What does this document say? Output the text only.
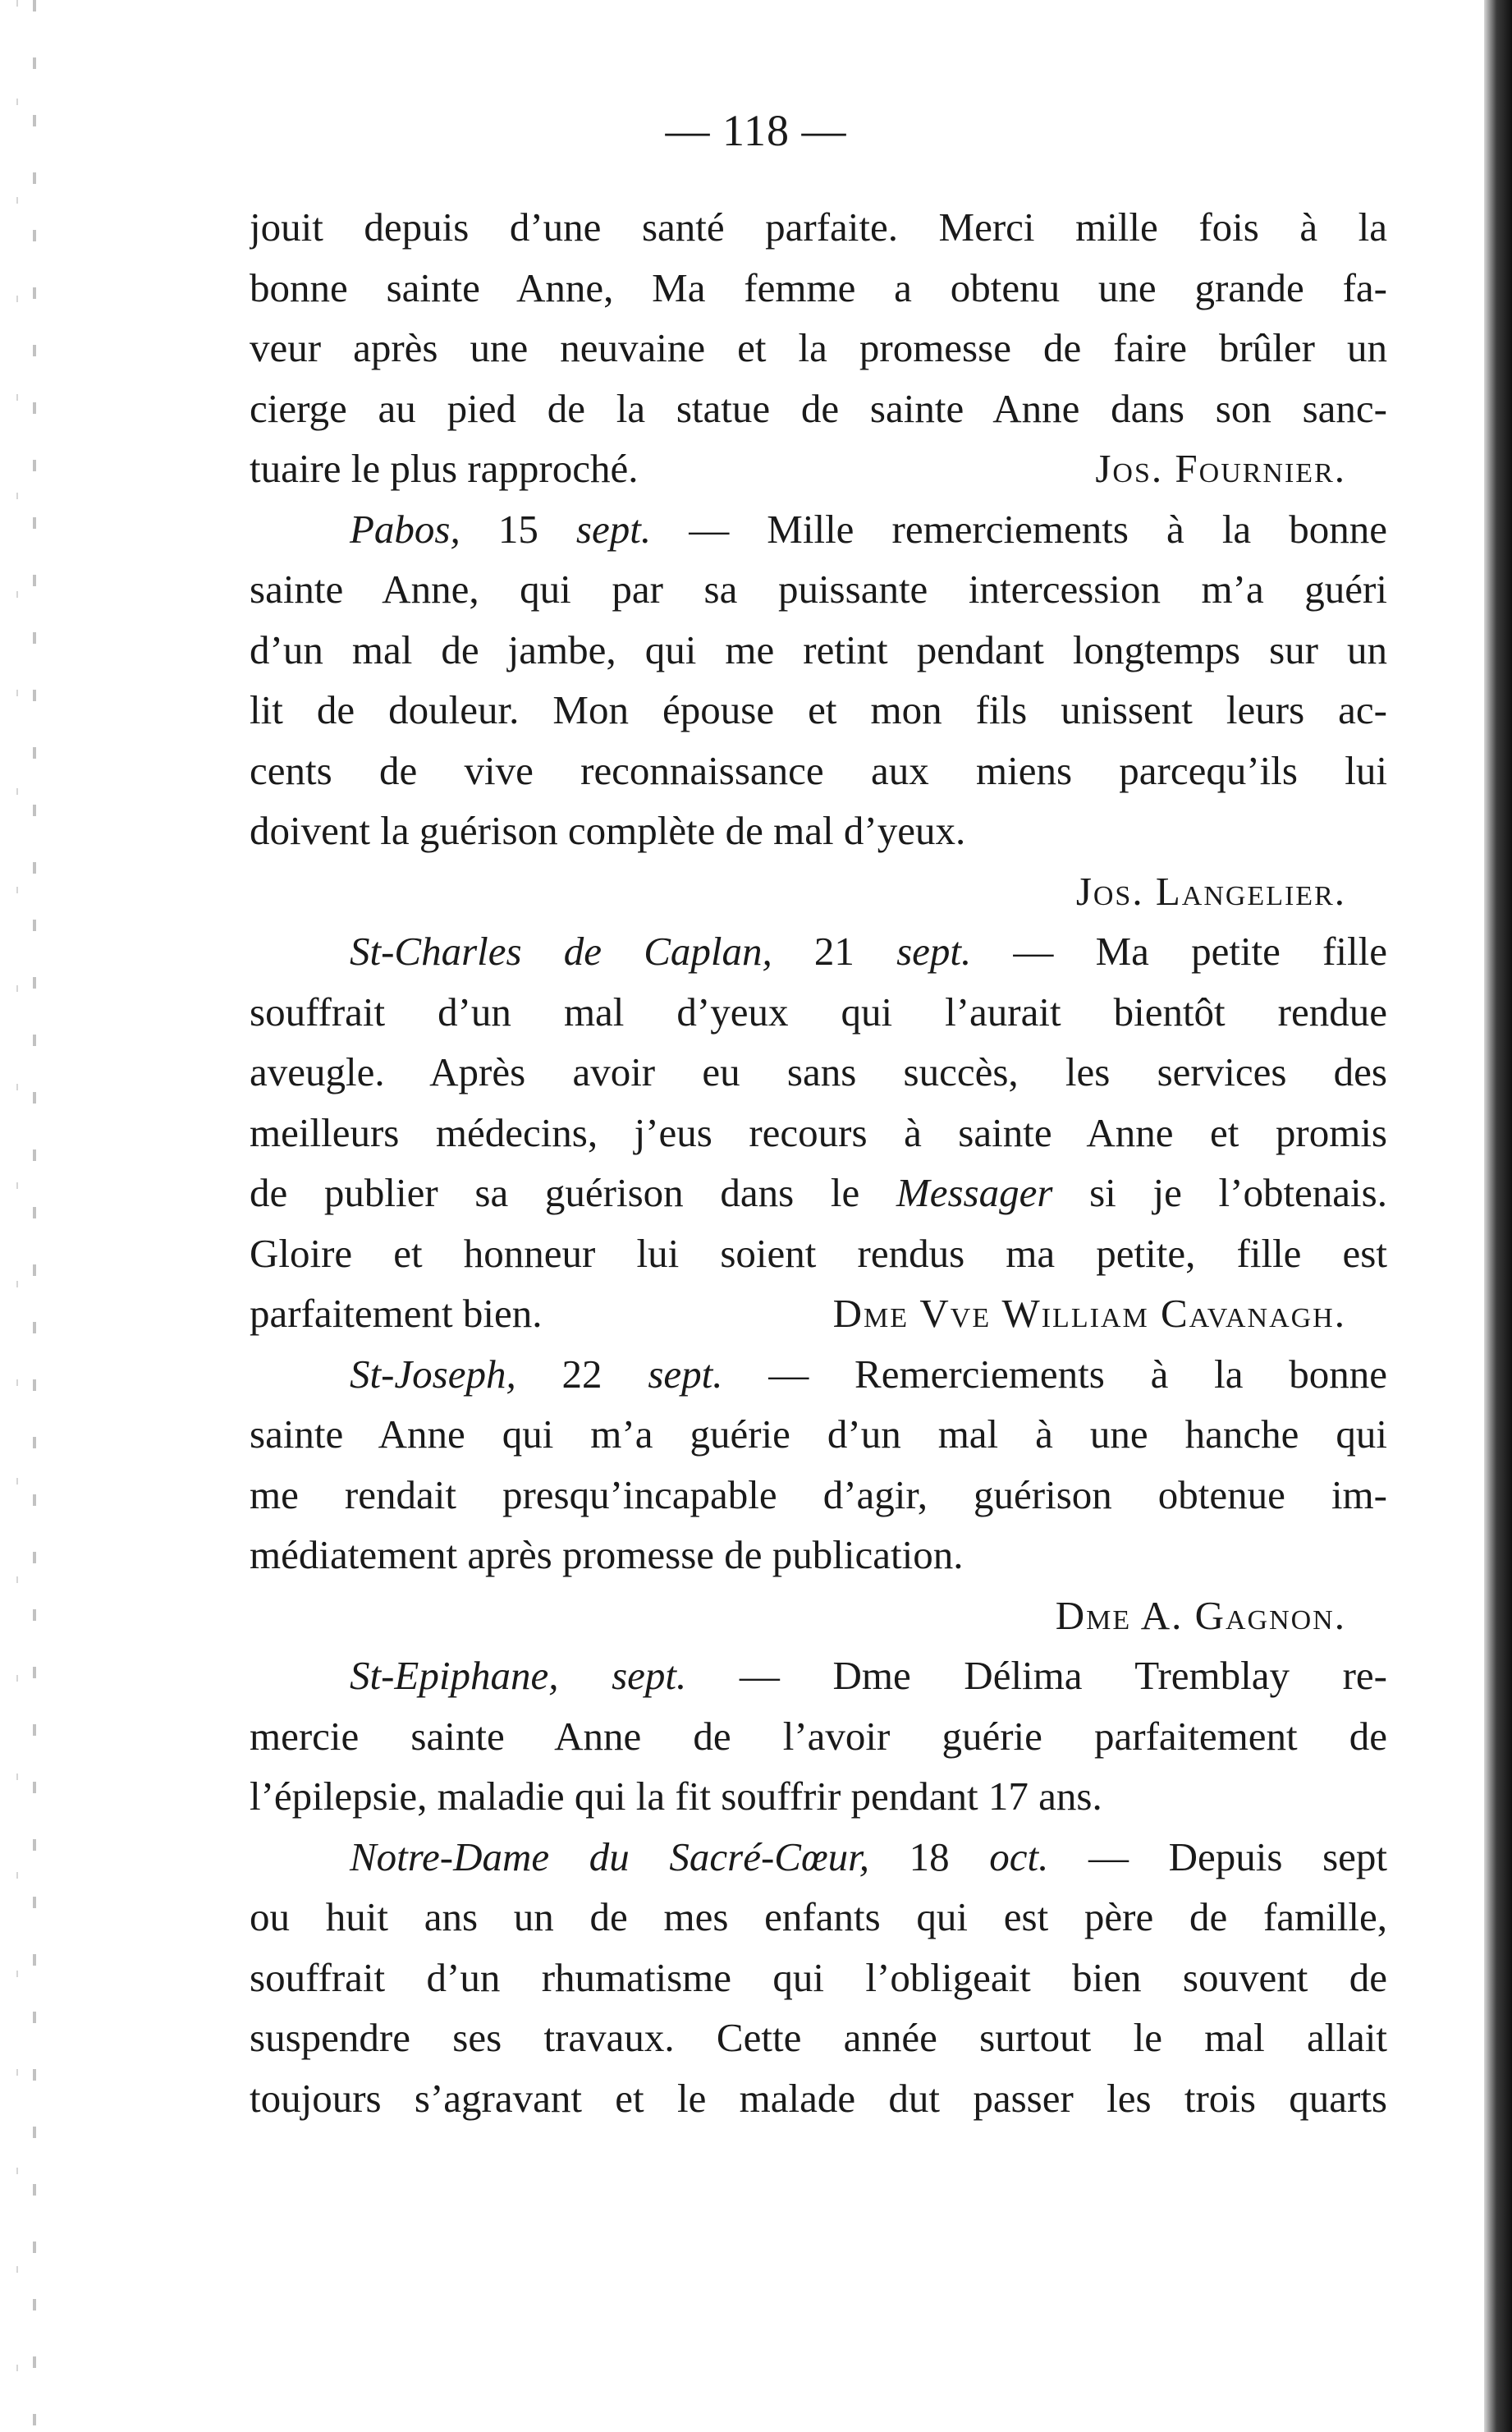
— 118 —
jouit depuis d’une santé parfaite. Merci mille fois à la
bonne sainte Anne, Ma femme a obtenu une grande fa-
veur après une neuvaine et la promesse de faire brûler un
cierge au pied de la statue de sainte Anne dans son sanc-
tuaire le plus rapproché.	Jos. Fournier.
Pabos, 15 sept. — Mille remerciements à la bonne
sainte Anne, qui par sa puissante intercession m’a guéri
d’un mal de jambe, qui me retint pendant longtemps sur un
lit de douleur. Mon épouse et mon fils unissent leurs ac-
cents de vive reconnaissance aux miens parcequ’ils lui
doivent la guérison complète de mal d’yeux.
Jos. Langelier.
St-Charles de Caplan, 21 sept. — Ma petite fille
souffrait d’un mal d’yeux qui l’aurait bientôt rendue
aveugle. Après avoir eu sans succès, les services des
meilleurs médecins, j’eus recours à sainte Anne et promis
de publier sa guérison dans le Messager si je l’obtenais.
Gloire et honneur lui soient rendus ma petite, fille est
parfaitement bien.	Dme Vve William Cavanagh.
St-Joseph, 22 sept. — Remerciements à la bonne
sainte Anne qui m’a guérie d’un mal à une hanche qui
me rendait presqu’incapable d’agir, guérison obtenue im-
médiatement après promesse de publication.
Dme A. Gagnon.
St-Epiphane, sept. — Dme Délima Tremblay re-
mercie sainte Anne de l’avoir guérie parfaitement de
l’épilepsie, maladie qui la fit souffrir pendant 17 ans.
Notre-Dame du Sacré-Cœur, 18 oct. — Depuis sept
ou huit ans un de mes enfants qui est père de famille,
souffrait d’un rhumatisme qui l’obligeait bien souvent de
suspendre ses travaux. Cette année surtout le mal allait
toujours s’agravant et le malade dut passer les trois quarts
